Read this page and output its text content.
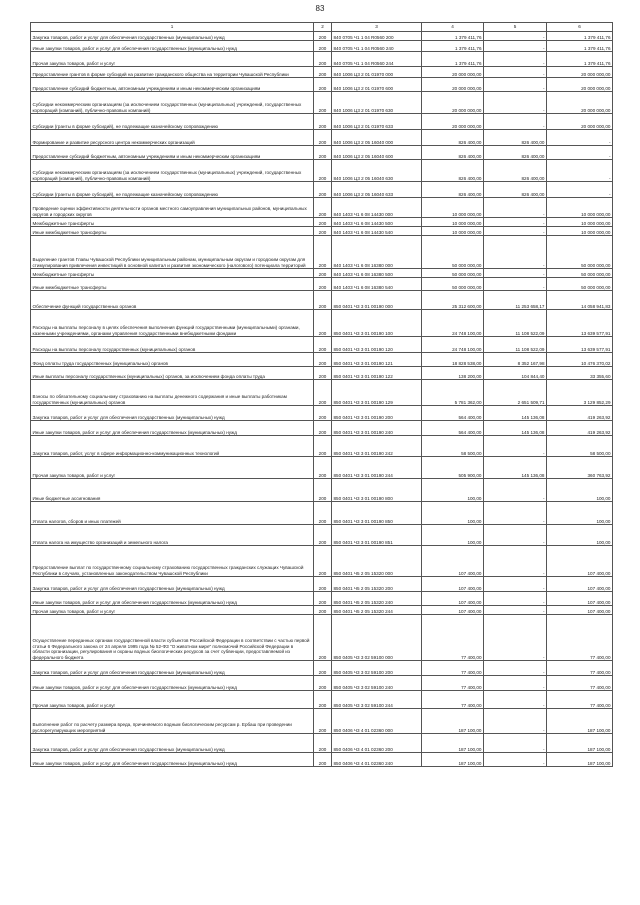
83
1	2	3	4	5	6
Закупка товаров, работ и услуг для обеспечения государственных (муниципальных) нужд	200	840 0705 Ч1 1 04 R0560 200	1 379 411,76	-	1 379 411,76
Иные закупки товаров, работ и услуг для обеспечения государственных (муниципальных) нужд	200	840 0705 Ч1 1 04 R0560 240	1 379 411,76	-	1 379 411,76
Прочая закупка товаров, работ и услуг	200	840 0705 Ч1 1 04 R0560 244	1 379 411,76	-	1 379 411,76
Предоставление грантов в форме субсидий на развитие гражданского общества на территории Чувашской Республики	200	840 1006 Ц3 2 01 01970 000	20 000 000,00	-	20 000 000,00
Предоставление субсидий бюджетным, автономным учреждениям и иным некоммерческим организациям	200	840 1006 Ц3 2 01 01970 600	20 000 000,00	-	20 000 000,00
Субсидии некоммерческим организациям (за исключением государственных (муниципальных) учреждений, государственных корпораций (компаний), публично-правовых компаний)	200	840 1006 Ц3 2 01 01970 630	20 000 000,00	-	20 000 000,00
Субсидии (гранты в форме субсидий), не подлежащие казначейскому сопровождению	200	840 1006 Ц3 2 01 01970 633	20 000 000,00	-	20 000 000,00
Формирование и развитие ресурсного центра некоммерческих организаций	200	840 1006 Ц3 2 05 16040 000	826 400,00	826 400,00	-
Предоставление субсидий бюджетным, автономным учреждениям и иным некоммерческим организациям	200	840 1006 Ц3 2 05 16040 600	826 400,00	826 400,00	-
Субсидии некоммерческим организациям (за исключением государственных (муниципальных) учреждений, государственных корпораций (компаний), публично-правовых компаний)	200	840 1006 Ц3 2 05 16040 630	826 400,00	826 400,00	-
Субсидии (гранты в форме субсидий), не подлежащие казначейскому сопровождению	200	840 1006 Ц3 2 05 16040 633	826 400,00	826 400,00	-
Проведение оценки эффективности деятельности органов местного самоуправления муниципальных районов, муниципальных округов и городских округов	200	840 1403 Ч1 6 08 14430 000	10 000 000,00	-	10 000 000,00
Межбюджетные трансферты	200	840 1403 Ч1 6 08 14430 500	10 000 000,00	-	10 000 000,00
Иные межбюджетные трансферты	200	840 1403 Ч1 6 08 14430 540	10 000 000,00	-	10 000 000,00
Выделение грантов Главы Чувашской Республики муниципальным районам, муниципальным округам и городским округам для стимулирования привлечения инвестиций в основной капитал и развития экономического (налогового) потенциала территорий	200	840 1403 Ч1 6 08 16380 000	50 000 000,00	-	50 000 000,00
Межбюджетные трансферты	200	840 1403 Ч1 6 08 16380 500	50 000 000,00	-	50 000 000,00
Иные межбюджетные трансферты	200	840 1403 Ч1 6 08 16380 540	50 000 000,00	-	50 000 000,00
Обеспечение функций государственных органов	200	850 0401 Ч3 3 01 00190 000	25 312 600,00	11 253 658,17	14 058 941,83
Расходы на выплаты персоналу в целях обеспечения выполнения функций государственными (муниципальными) органами, казенными учреждениями, органами управления государственными внебюджетными фондами	200	850 0401 Ч3 3 01 00190 100	24 748 100,00	11 108 522,09	13 639 577,91
Расходы на выплаты персоналу государственных (муниципальных) органов	200	850 0401 Ч3 3 01 00190 120	24 748 100,00	11 108 522,09	13 639 577,91
Фонд оплаты труда государственных (муниципальных) органов	200	850 0401 Ч3 3 01 00190 121	18 828 538,00	8 352 167,98	10 476 370,02
Иные выплаты персоналу государственных (муниципальных) органов, за исключением фонда оплаты труда	200	850 0401 Ч3 3 01 00190 122	138 200,00	104 844,40	33 355,60
Взносы по обязательному социальному страхованию на выплаты денежного содержания и иные выплаты работникам государственных (муниципальных) органов	200	850 0401 Ч3 3 01 00190 129	5 781 362,00	2 651 509,71	3 129 852,29
Закупка товаров, работ и услуг для обеспечения государственных (муниципальных) нужд	200	850 0401 Ч3 3 01 00190 200	564 400,00	145 136,08	419 263,92
Иные закупки товаров, работ и услуг для обеспечения государственных (муниципальных) нужд	200	850 0401 Ч3 3 01 00190 240	564 400,00	145 136,08	419 263,92
Закупка товаров, работ, услуг в сфере информационно-коммуникационных технологий	200	850 0401 Ч3 3 01 00190 242	58 500,00	-	58 500,00
Прочая закупка товаров, работ и услуг	200	850 0401 Ч3 3 01 00190 244	505 900,00	145 136,08	360 763,92
Иные бюджетные ассигнования	200	850 0401 Ч3 3 01 00190 800	100,00	-	100,00
Уплата налогов, сборов и иных платежей	200	850 0401 Ч3 3 01 00190 850	100,00	-	100,00
Уплата налога на имущество организаций и земельного налога	200	850 0401 Ч3 3 01 00190 851	100,00	-	100,00
Предоставление выплат по государственному социальному страхованию государственных гражданских служащих Чувашской Республики в случаях, установленных законодательством Чувашской Республики	200	850 0401 Ч5 2 05 15320 000	107 400,00	-	107 400,00
Закупка товаров, работ и услуг для обеспечения государственных (муниципальных) нужд	200	850 0401 Ч5 2 05 15320 200	107 400,00	-	107 400,00
Иные закупки товаров, работ и услуг для обеспечения государственных (муниципальных) нужд	200	850 0401 Ч5 2 05 15320 240	107 400,00	-	107 400,00
Прочая закупка товаров, работ и услуг	200	850 0401 Ч5 2 05 15320 244	107 400,00	-	107 400,00
Осуществление переданных органам государственной власти субъектов Российской Федерации в соответствии с частью первой статьи 6 Федерального закона от 24 апреля 1995 года № 52-ФЗ "О животном мире" полномочий Российской Федерации в области организации, регулирования и охраны водных биологических ресурсов за счет субвенции, предоставляемой из федерального бюджета	200	850 0405 Ч3 3 02 59100 000	77 400,00	-	77 400,00
Закупка товаров, работ и услуг для обеспечения государственных (муниципальных) нужд	200	850 0405 Ч3 3 02 59100 200	77 400,00	-	77 400,00
Иные закупки товаров, работ и услуг для обеспечения государственных (муниципальных) нужд	200	850 0405 Ч3 3 02 59100 240	77 400,00	-	77 400,00
Прочая закупка товаров, работ и услуг	200	850 0405 Ч3 3 02 59100 244	77 400,00	-	77 400,00
Выполнение работ по расчету размера вреда, причиняемого водным биологическим ресурсам р. Ербаш при проведении руслорегулирующих мероприятий	200	850 0406 Ч3 4 01 02360 000	187 100,00	-	187 100,00
Закупка товаров, работ и услуг для обеспечения государственных (муниципальных) нужд	200	850 0406 Ч3 4 01 02360 200	187 100,00	-	187 100,00
Иные закупки товаров, работ и услуг для обеспечения государственных (муниципальных) нужд	200	850 0406 Ч3 4 01 02360 240	187 100,00	-	187 100,00
